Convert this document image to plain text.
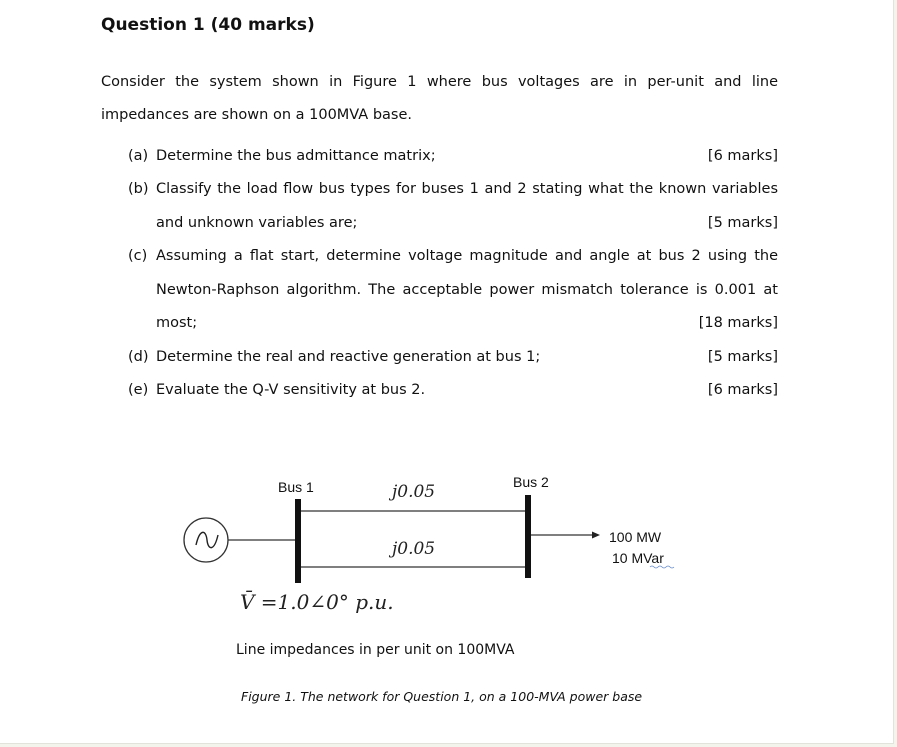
Question 1 (40 marks)

Consider the system shown in Figure 1 where bus voltages are in per-unit and line
impedances are shown on a 100MVA base.

(a) Determine the bus admittance matrix;	[6 marks]
(b) Classify the load flow bus types for buses 1 and 2 stating what the known variables
and unknown variables are;	[5 marks]
(c) Assuming a flat start, determine voltage magnitude and angle at bus 2 using the
Newton-Raphson algorithm. The acceptable power mismatch tolerance is 0.001 at
most;	[18 marks]
(d) Determine the real and reactive generation at bus 1;	[5 marks]
(e) Evaluate the Q-V sensitivity at bus 2.	[6 marks]
Bus 1	Bus 2
j0.05
j0.05
100 MW
10 MVar
V̄ =1.0∠0° p.u.
Line impedances in per unit on 100MVA
Figure 1. The network for Question 1, on a 100-MVA power base
